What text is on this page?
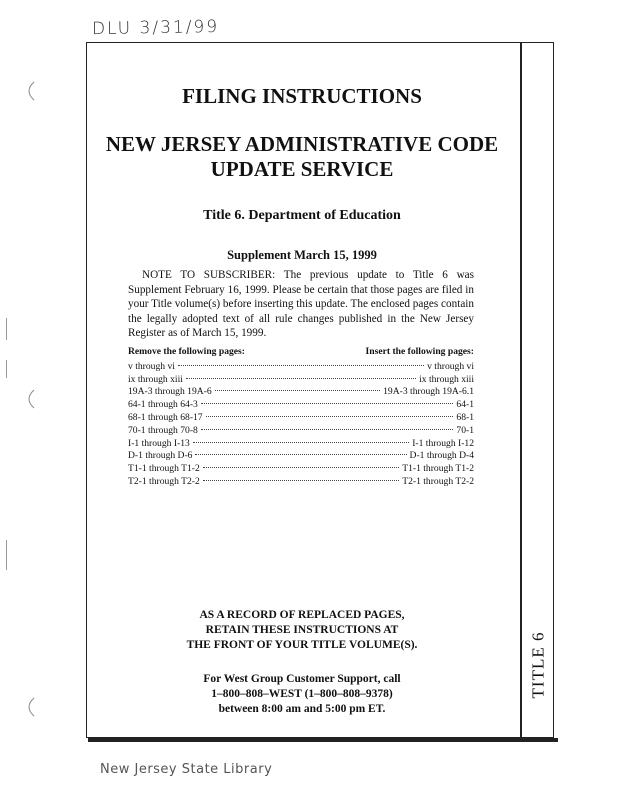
DLU 3/31/99
TITLE 6
FILING INSTRUCTIONS
NEW JERSEY ADMINISTRATIVE CODE
UPDATE SERVICE
Title 6. Department of Education
Supplement March 15, 1999
NOTE TO SUBSCRIBER: The previous update to Title 6 was Supplement February 16, 1999. Please be certain that those pages are filed in your Title volume(s) before inserting this update. The enclosed pages contain the legally adopted text of all rule changes published in the New Jersey Register as of March 15, 1999.
Remove the following pages:	Insert the following pages:
v through vi	v through vi
ix through xiii	ix through xiii
19A-3 through 19A-6	19A-3 through 19A-6.1
64-1 through 64-3	64-1
68-1 through 68-17	68-1
70-1 through 70-8	70-1
I-1 through I-13	I-1 through I-12
D-1 through D-6	D-1 through D-4
T1-1 through T1-2	T1-1 through T1-2
T2-1 through T2-2	T2-1 through T2-2
AS A RECORD OF REPLACED PAGES,
RETAIN THESE INSTRUCTIONS AT
THE FRONT OF YOUR TITLE VOLUME(S).
For West Group Customer Support, call
1–800–808–WEST (1–800–808–9378)
between 8:00 am and 5:00 pm ET.
New Jersey State Library
